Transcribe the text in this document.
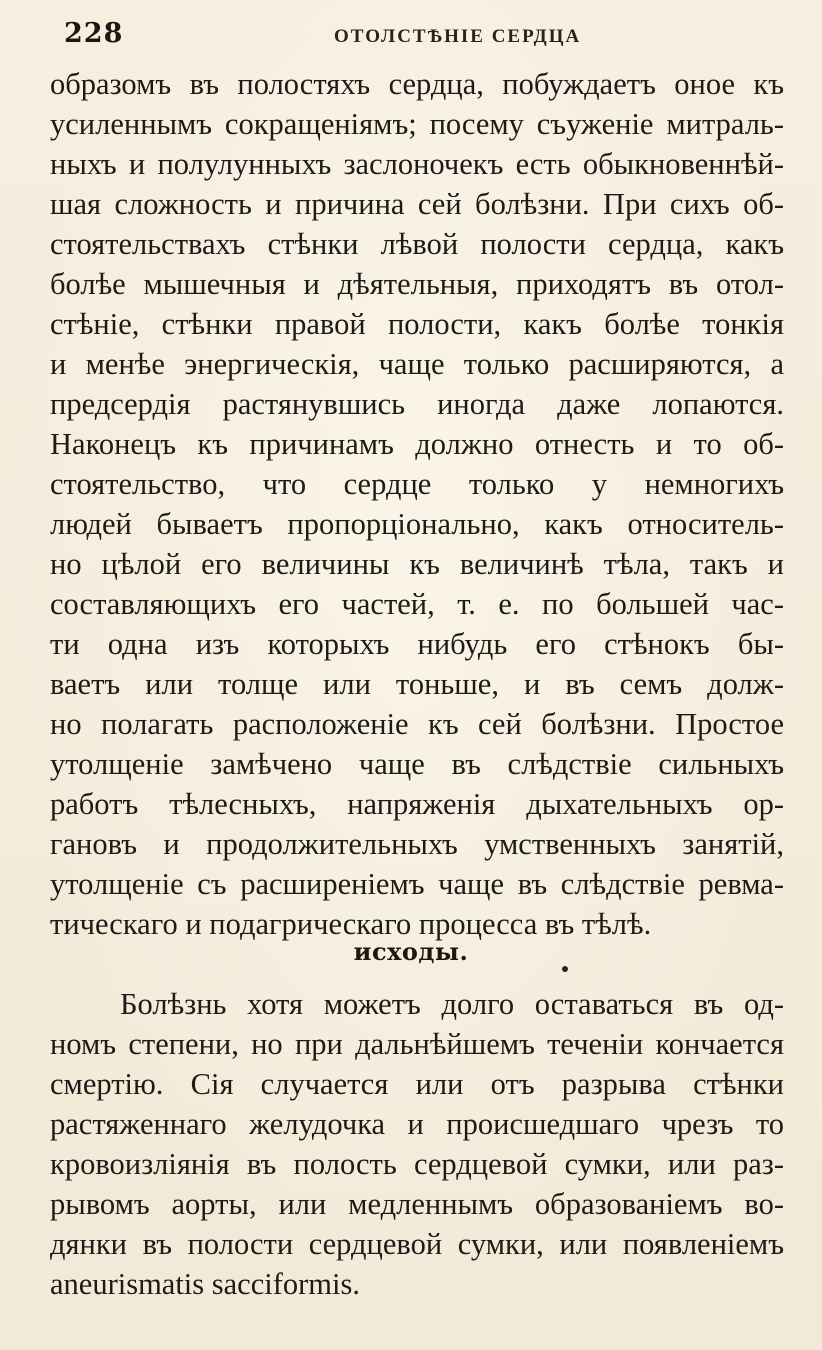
228	ОТОЛСТѢНІЕ СЕРДЦА
образомъ въ полостяхъ сердца, побуждаетъ оное къ
усиленнымъ сокращеніямъ; посему съуженіе митраль-
ныхъ и полулунныхъ заслоночекъ есть обыкновеннѣй-
шая сложность и причина сей болѣзни. При сихъ об-
стоятельствахъ стѣнки лѣвой полости сердца, какъ
болѣе мышечныя и дѣятельныя, приходятъ въ отол-
стѣніе, стѣнки правой полости, какъ болѣе тонкія
и менѣе энергическія, чаще только расширяются, а
предсердія растянувшись иногда даже лопаются.
Наконецъ къ причинамъ должно отнесть и то об-
стоятельство, что сердце только у немногихъ
людей бываетъ пропорціонально, какъ относитель-
но цѣлой его величины къ величинѣ тѣла, такъ и
составляющихъ его частей, т. е. по большей час-
ти одна изъ которыхъ нибудь его стѣнокъ бы-
ваетъ или толще или тоньше, и въ семъ долж-
но полагать расположеніе къ сей болѣзни. Простое
утолщеніе замѣчено чаще въ слѣдствіе сильныхъ
работъ тѣлесныхъ, напряженія дыхательныхъ ор-
гановъ и продолжительныхъ умственныхъ занятій,
утолщеніе съ расширеніемъ чаще въ слѣдствіе ревма-
тическаго и подагрическаго процесса въ тѣлѣ.
исходы.
Болѣзнь хотя можетъ долго оставаться въ од-
номъ степени, но при дальнѣйшемъ теченіи кончается
смертію. Сія случается или отъ разрыва стѣнки
растяженнаго желудочка и происшедшаго чрезъ то
кровоизліянія въ полость сердцевой сумки, или раз-
рывомъ аорты, или медленнымъ образованіемъ во-
дянки въ полости сердцевой сумки, или появленіемъ
aneurismatis sacciformis.
